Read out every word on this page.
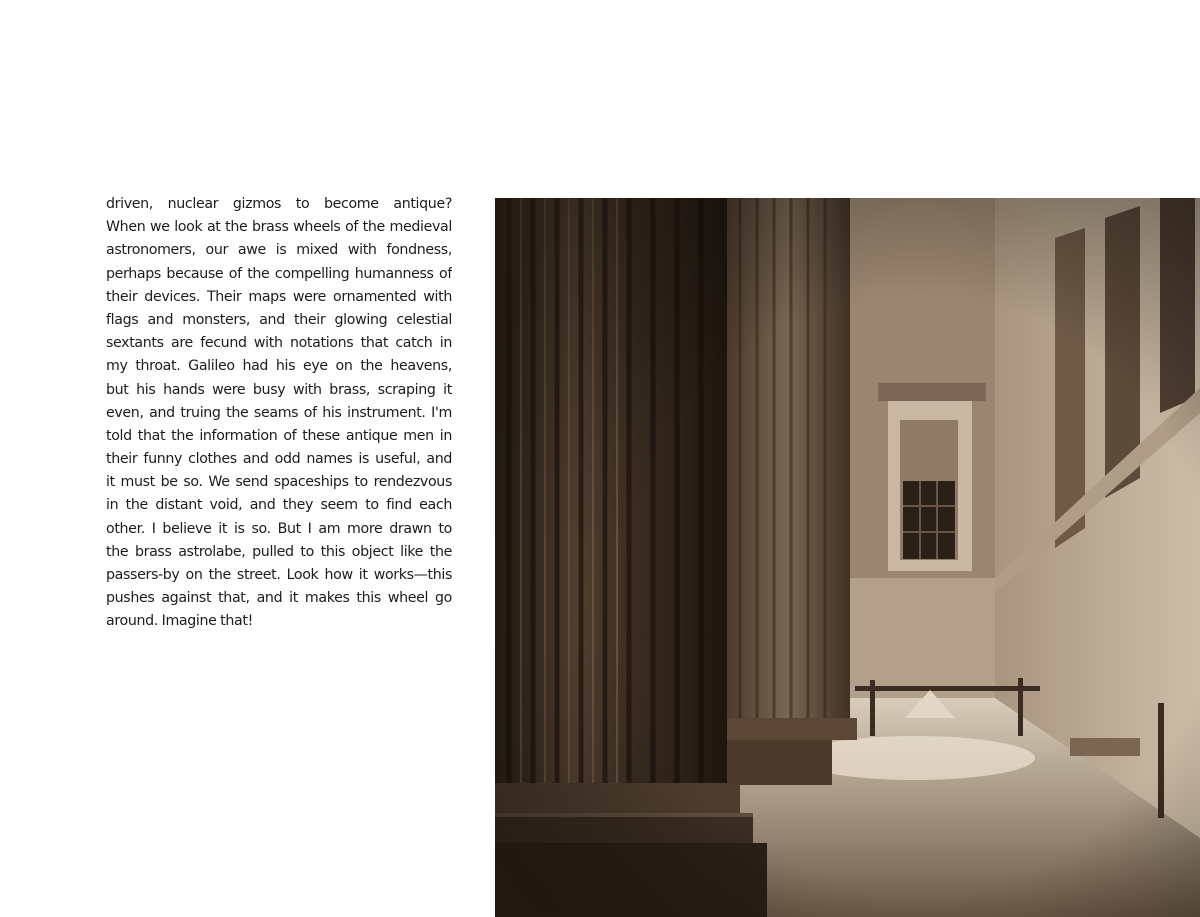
driven, nuclear gizmos to become antique?
When we look at the brass wheels of the medieval
astronomers, our awe is mixed with fondness,
perhaps because of the compelling humanness of
their devices. Their maps were ornamented with
flags and monsters, and their glowing celestial
sextants are fecund with notations that catch in
my throat. Galileo had his eye on the heavens,
but his hands were busy with brass, scraping it
even, and truing the seams of his instrument. I'm
told that the information of these antique men in
their funny clothes and odd names is useful, and
it must be so. We send spaceships to rendezvous
in the distant void, and they seem to find each
other. I believe it is so. But I am more drawn to
the brass astrolabe, pulled to this object like the
passers-by on the street. Look how it works—this
pushes against that, and it makes this wheel go
around. Imagine that!
